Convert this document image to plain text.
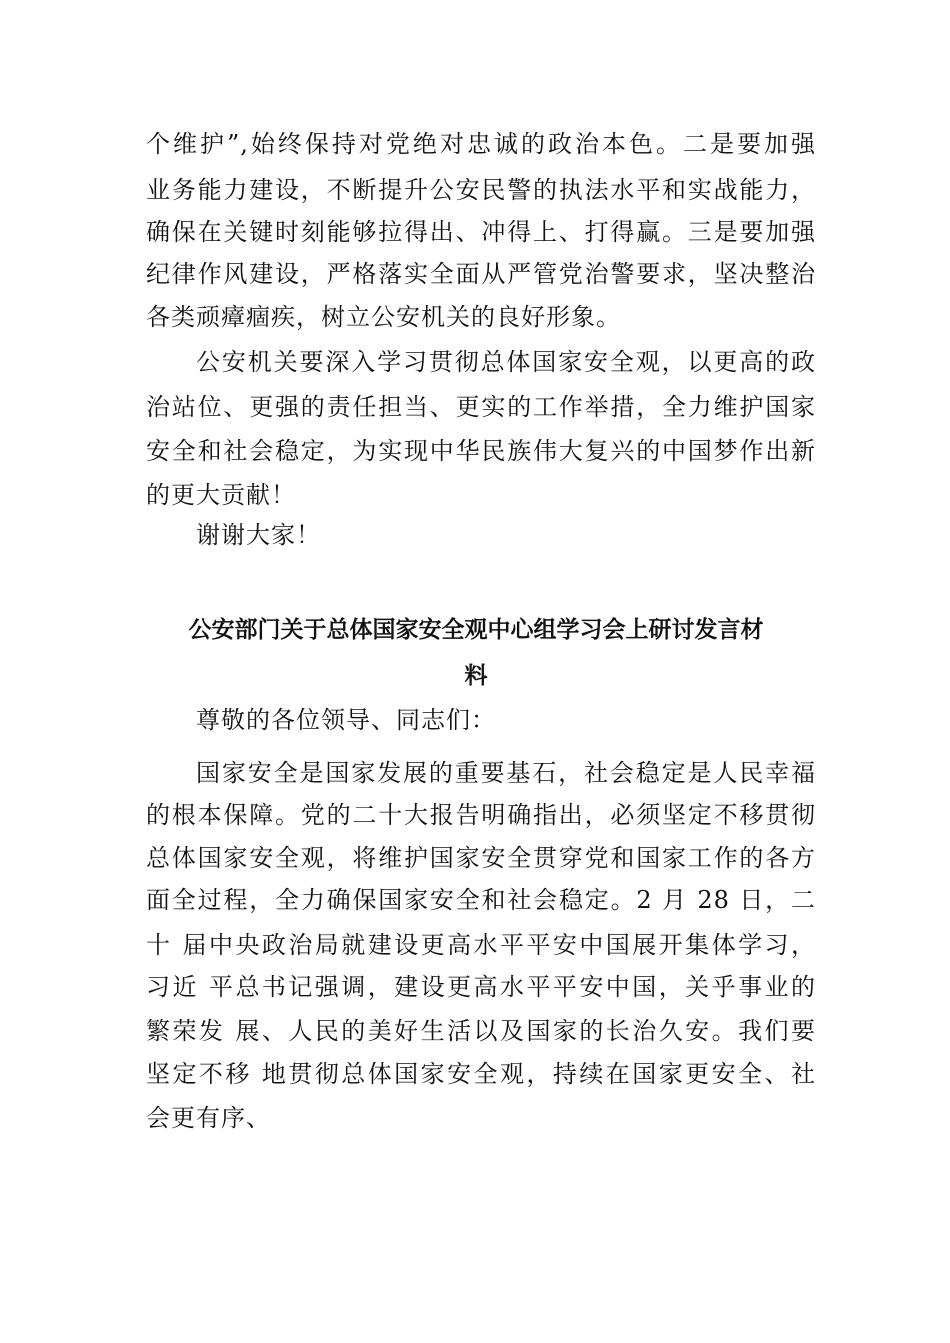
个维护”,始终保持对党绝对忠诚的政治本色。二是要加强
业务能力建设，不断提升公安民警的执法水平和实战能力，
确保在关键时刻能够拉得出、冲得上、打得赢。三是要加强
纪律作风建设，严格落实全面从严管党治警要求，坚决整治
各类顽瘴痼疾，树立公安机关的良好形象。
公安机关要深入学习贯彻总体国家安全观，以更高的政
治站位、更强的责任担当、更实的工作举措，全力维护国家
安全和社会稳定，为实现中华民族伟大复兴的中国梦作出新
的更大贡献！
谢谢大家！
公安部门关于总体国家安全观中心组学习会上研讨发言材
料
尊敬的各位领导、同志们：
国家安全是国家发展的重要基石，社会稳定是人民幸福
的根本保障。党的二十大报告明确指出，必须坚定不移贯彻
总体国家安全观，将维护国家安全贯穿党和国家工作的各方
面全过程，全力确保国家安全和社会稳定。2 月 28 日，二
十 届中央政治局就建设更高水平平安中国展开集体学习，
习近 平总书记强调，建设更高水平平安中国，关乎事业的
繁荣发 展、人民的美好生活以及国家的长治久安。我们要
坚定不移 地贯彻总体国家安全观，持续在国家更安全、社
会更有序、
